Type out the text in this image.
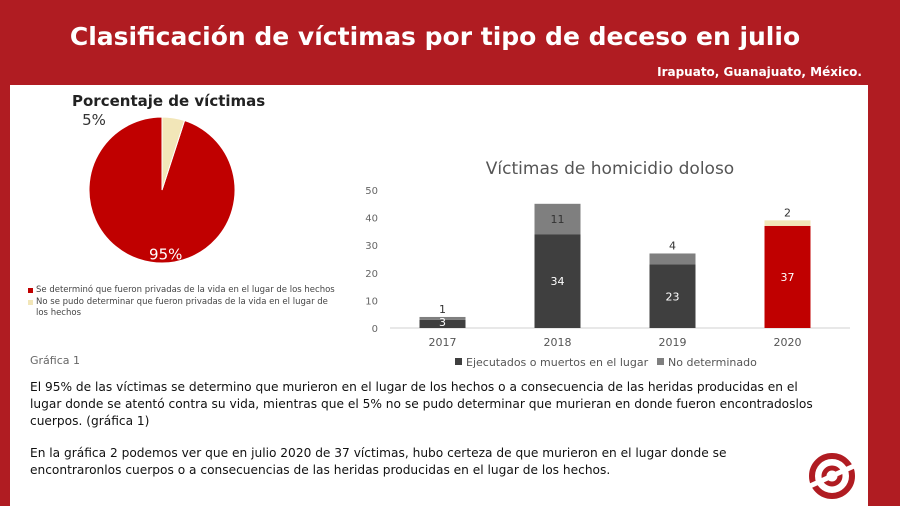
Clasificación de víctimas por tipo de deceso en julio
Irapuato, Guanajuato, México.
Porcentaje de víctimas
95%
5%
Se determinó que fueron privadas de la vida en el lugar de los hechos
No se pudo determinar que fueron privadas de la vida en el lugar de los hechos
Víctimas de homicidio doloso
0
10
20
30
40
50
3
1
2017
34
11
2018
23
4
2019
37
2
2020
Ejecutados o muertos en el lugar No determinado
Gráfica 1
El 95% de las víctimas se determino que murieron en el lugar de los hechos o a consecuencia de las heridas producidas en el lugar donde se atentó contra su vida, mientras que el 5% no se pudo determinar que murieran en donde fueron encontradoslos cuerpos. (gráfica 1)
En la gráfica 2 podemos ver que en julio 2020 de 37 víctimas, hubo certeza de que murieron en el lugar donde se encontraronlos cuerpos o a consecuencias de las heridas producidas en el lugar de los hechos.
